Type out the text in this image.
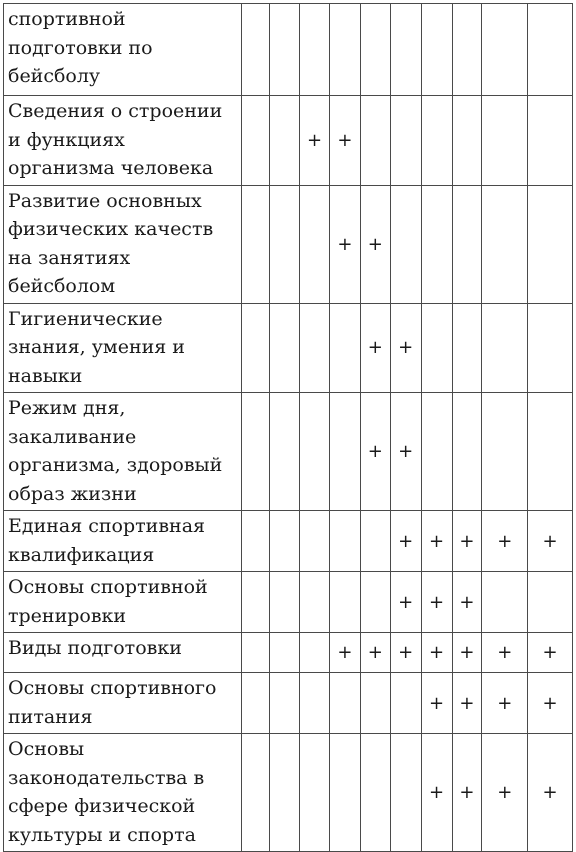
спортивной
подготовки по
бейсболу										
Сведения о строении
и функциях
организма человека			+	+						
Развитие основных
физических качеств
на занятиях
бейсболом				+	+					
Гигиенические
знания, умения и
навыки					+	+				
Режим дня,
закаливание
организма, здоровый
образ жизни					+	+				
Единая спортивная
квалификация						+	+	+	+	+
Основы спортивной
тренировки						+	+	+		
Виды подготовки				+	+	+	+	+	+	+
Основы спортивного
питания							+	+	+	+
Основы
законодательства в
сфере физической
культуры и спорта							+	+	+	+
